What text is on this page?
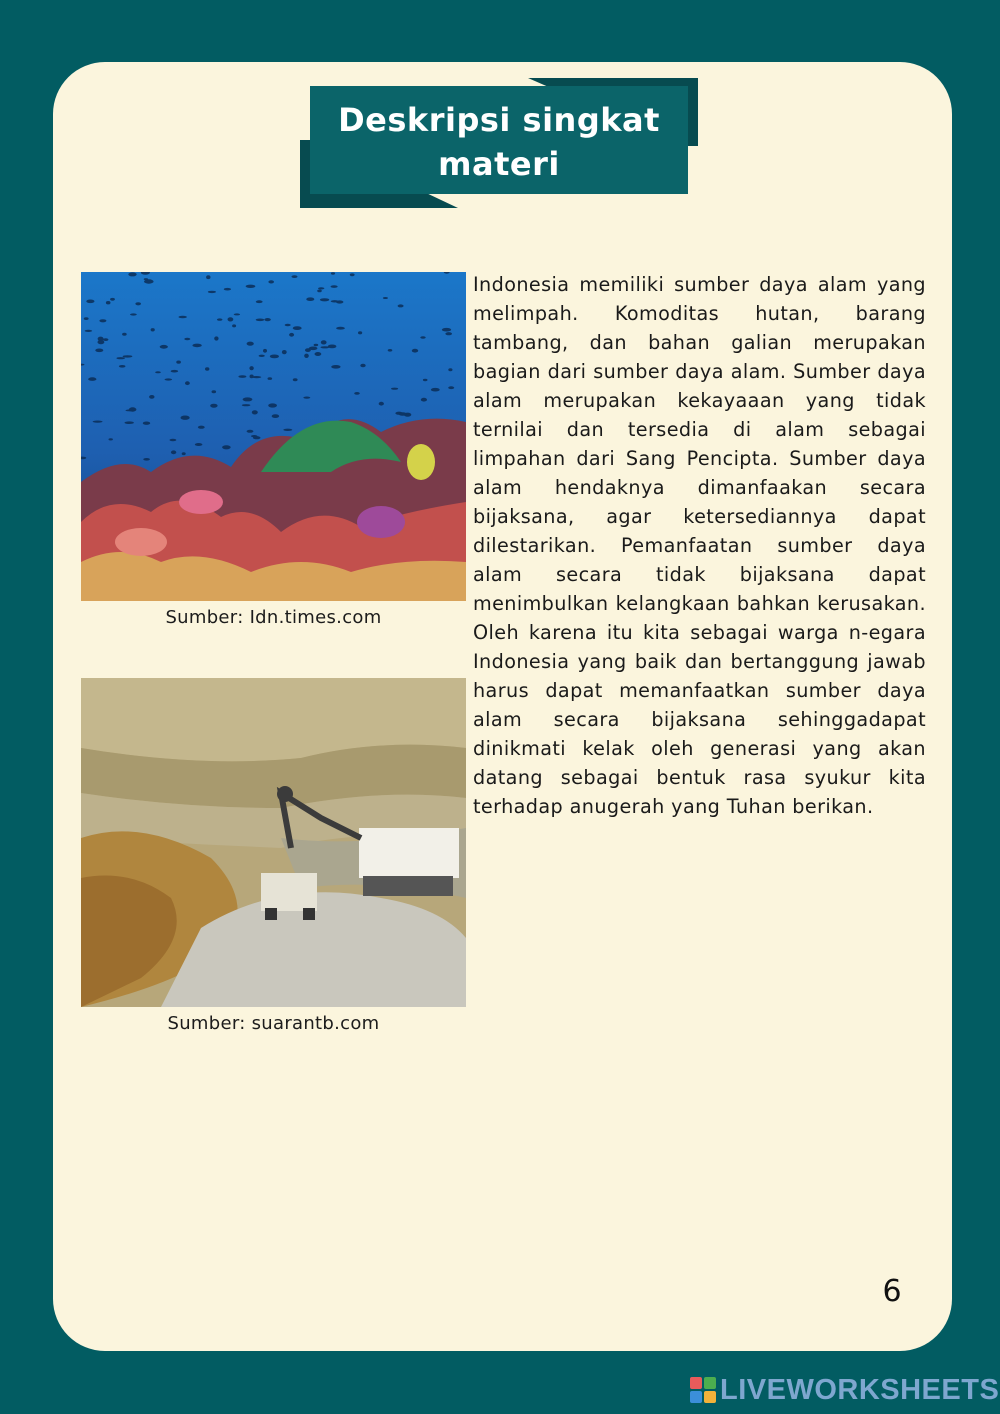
Deskripsi singkat materi
Sumber: Idn.times.com
Sumber: suarantb.com
Indonesia memiliki sumber daya alam yang melimpah. Komoditas hutan, barang tambang, dan bahan galian merupakan bagian dari sumber daya alam. Sumber daya alam merupakan kekayaaan yang tidak ternilai dan tersedia di alam sebagai limpahan dari Sang Pencipta. Sumber daya alam hendaknya dimanfaakan secara bijaksana, agar ketersediannya dapat dilestarikan. Pemanfaatan sumber daya alam secara tidak bijaksana dapat menimbulkan kelangkaan bahkan kerusakan. Oleh karena itu kita sebagai warga n-egara Indonesia yang baik dan bertanggung jawab harus dapat memanfaatkan sumber daya alam secara bijaksana sehinggadapat dinikmati kelak oleh generasi yang akan datang sebagai bentuk rasa syukur kita terhadap anugerah yang Tuhan berikan.
6
LIVEWORKSHEETS
